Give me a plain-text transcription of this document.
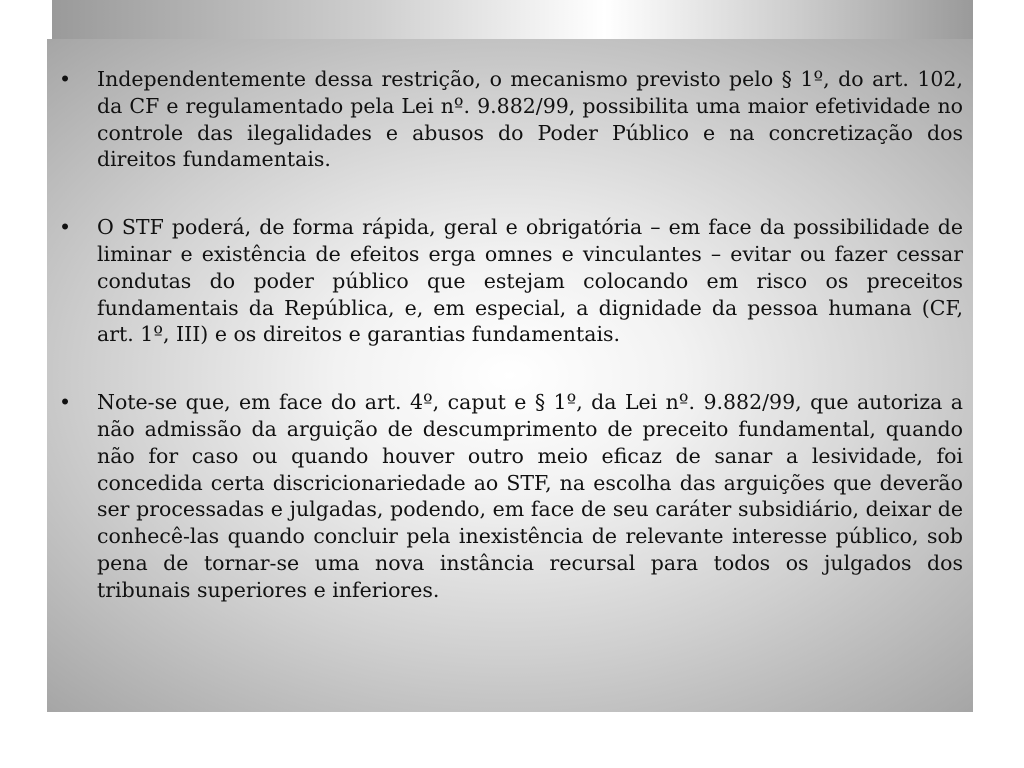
•	Independentemente dessa restrição, o mecanismo previsto pelo § 1º, do art. 102, da CF e regulamentado pela Lei nº. 9.882/99, possibilita uma maior efetividade no controle das ilegalidades e abusos do Poder Público e na concretização dos direitos fundamentais.
•	O STF poderá, de forma rápida, geral e obrigatória – em face da possibilidade de liminar e existência de efeitos erga omnes e vinculantes – evitar ou fazer cessar condutas do poder público que estejam colocando em risco os preceitos fundamentais da República, e, em especial, a dignidade da pessoa humana (CF, art. 1º, III) e os direitos e garantias fundamentais.
•	Note-se que, em face do art. 4º, caput e § 1º, da Lei nº. 9.882/99, que autoriza a não admissão da arguição de descumprimento de preceito fundamental, quando não for caso ou quando houver outro meio eficaz de sanar a lesividade, foi concedida certa discricionariedade ao STF, na escolha das arguições que deverão ser processadas e julgadas, podendo, em face de seu caráter subsidiário, deixar de conhecê-las quando concluir pela inexistência de relevante interesse público, sob pena de tornar-se uma nova instância recursal para todos os julgados dos tribunais superiores e inferiores.
